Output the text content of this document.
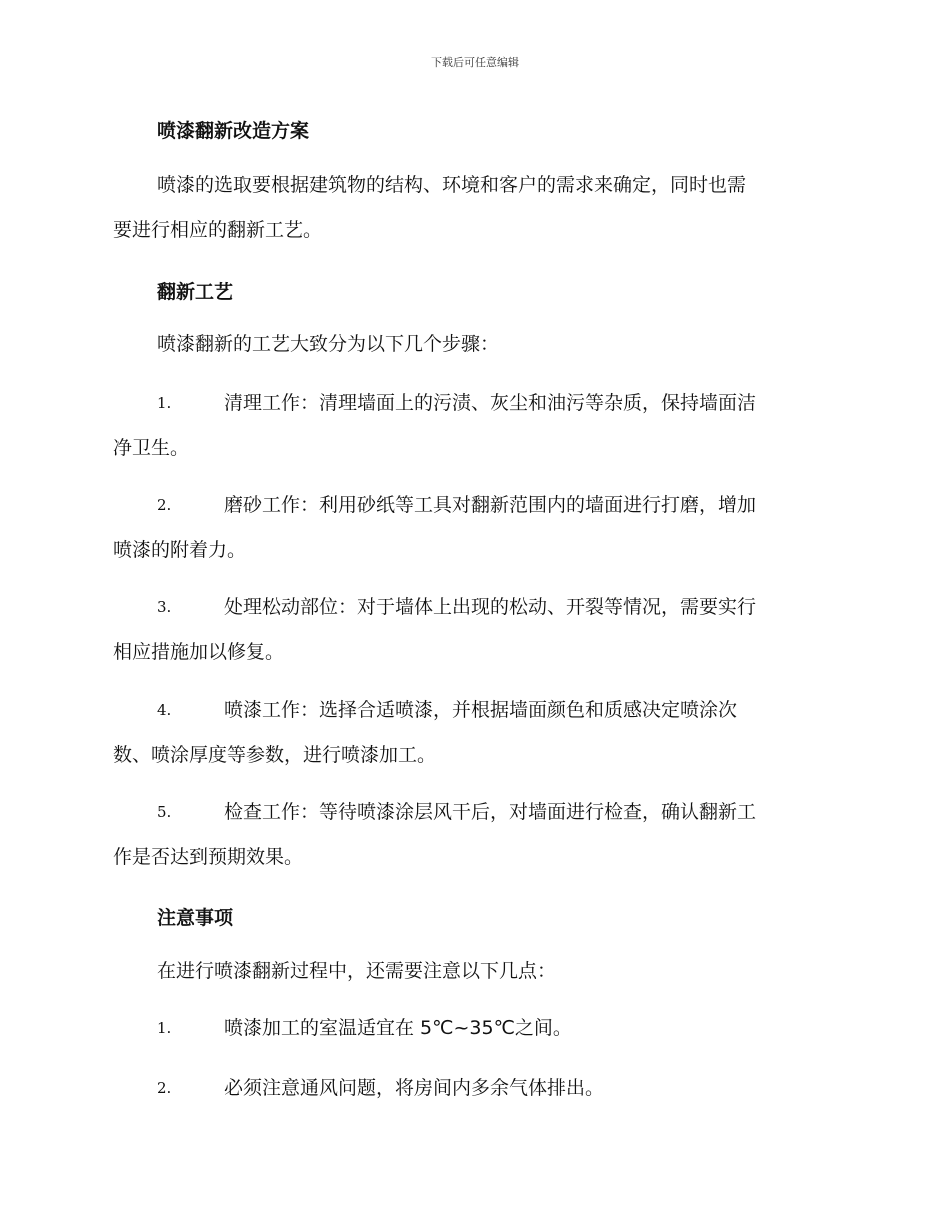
下载后可任意编辑
喷漆翻新改造方案
喷漆的选取要根据建筑物的结构、环境和客户的需求来确定，同时也需
要进行相应的翻新工艺。
翻新工艺
喷漆翻新的工艺大致分为以下几个步骤：
1.	清理工作：清理墙面上的污渍、灰尘和油污等杂质，保持墙面洁
净卫生。
2.	磨砂工作：利用砂纸等工具对翻新范围内的墙面进行打磨，增加
喷漆的附着力。
3.	处理松动部位：对于墙体上出现的松动、开裂等情况，需要实行
相应措施加以修复。
4.	喷漆工作：选择合适喷漆，并根据墙面颜色和质感决定喷涂次
数、喷涂厚度等参数，进行喷漆加工。
5.	检查工作：等待喷漆涂层风干后，对墙面进行检查，确认翻新工
作是否达到预期效果。
注意事项
在进行喷漆翻新过程中，还需要注意以下几点：
1.	喷漆加工的室温适宜在 5℃~35℃之间。
2.	必须注意通风问题，将房间内多余气体排出。
